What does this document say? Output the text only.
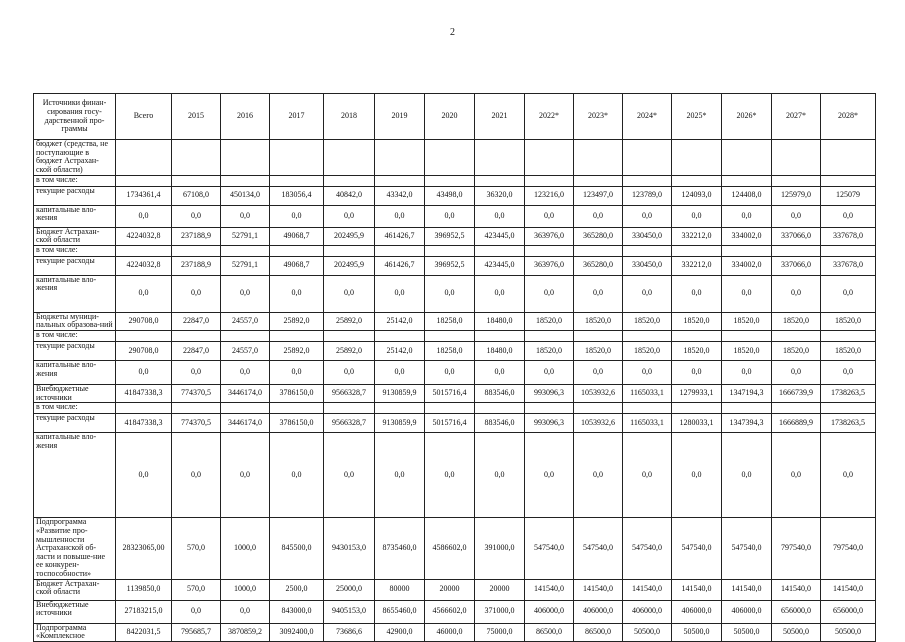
2
Источники финан-сирования госу-дарственной про-граммы	Всего	2015	2016	2017	2018	2019	2020	2021	2022*	2023*	2024*	2025*	2026*	2027*	2028*
бюджет (средства, не поступающие в бюджет Астрахан-ской области)															
в том числе:															
текущие расходы	1734361,4	67108,0	450134,0	183056,4	40842,0	43342,0	43498,0	36320,0	123216,0	123497,0	123789,0	124093,0	124408,0	125979,0	125079
капитальные вло-жения	0,0	0,0	0,0	0,0	0,0	0,0	0,0	0,0	0,0	0,0	0,0	0,0	0,0	0,0	0,0
Бюджет Астрахан-ской области	4224032,8	237188,9	52791,1	49068,7	202495,9	461426,7	396952,5	423445,0	363976,0	365280,0	330450,0	332212,0	334002,0	337066,0	337678,0
в том числе:															
текущие расходы	4224032,8	237188,9	52791,1	49068,7	202495,9	461426,7	396952,5	423445,0	363976,0	365280,0	330450,0	332212,0	334002,0	337066,0	337678,0
капитальные вло-жения	0,0	0,0	0,0	0,0	0,0	0,0	0,0	0,0	0,0	0,0	0,0	0,0	0,0	0,0	0,0
Бюджеты муници-пальных образова-ний	290708,0	22847,0	24557,0	25892,0	25892,0	25142,0	18258,0	18480,0	18520,0	18520,0	18520,0	18520,0	18520,0	18520,0	18520,0
в том числе:															
текущие расходы	290708,0	22847,0	24557,0	25892,0	25892,0	25142,0	18258,0	18480,0	18520,0	18520,0	18520,0	18520,0	18520,0	18520,0	18520,0
капитальные вло-жения	0,0	0,0	0,0	0,0	0,0	0,0	0,0	0,0	0,0	0,0	0,0	0,0	0,0	0,0	0,0
Внебюджетные источники	41847338,3	774370,5	3446174,0	3786150,0	9566328,7	9130859,9	5015716,4	883546,0	993096,3	1053932,6	1165033,1	1279933,1	1347194,3	1666739,9	1738263,5
в том числе:															
текущие расходы	41847338,3	774370,5	3446174,0	3786150,0	9566328,7	9130859,9	5015716,4	883546,0	993096,3	1053932,6	1165033,1	1280033,1	1347394,3	1666889,9	1738263,5
капитальные вло-жения	0,0	0,0	0,0	0,0	0,0	0,0	0,0	0,0	0,0	0,0	0,0	0,0	0,0	0,0	0,0
Подпрограмма «Развитие про-мышленности Астраханской об-ласти и повыше-ние ее конкурен-тоспособности»	28323065,00	570,0	1000,0	845500,0	9430153,0	8735460,0	4586602,0	391000,0	547540,0	547540,0	547540,0	547540,0	547540,0	797540,0	797540,0
Бюджет Астрахан-ской области	1139850,0	570,0	1000,0	2500,0	25000,0	80000	20000	20000	141540,0	141540,0	141540,0	141540,0	141540,0	141540,0	141540,0
Внебюджетные источники	27183215,0	0,0	0,0	843000,0	9405153,0	8655460,0	4566602,0	371000,0	406000,0	406000,0	406000,0	406000,0	406000,0	656000,0	656000,0
Подпрограмма «Комплексное	8422031,5	795685,7	3870859,2	3092400,0	73686,6	42900,0	46000,0	75000,0	86500,0	86500,0	50500,0	50500,0	50500,0	50500,0	50500,0
